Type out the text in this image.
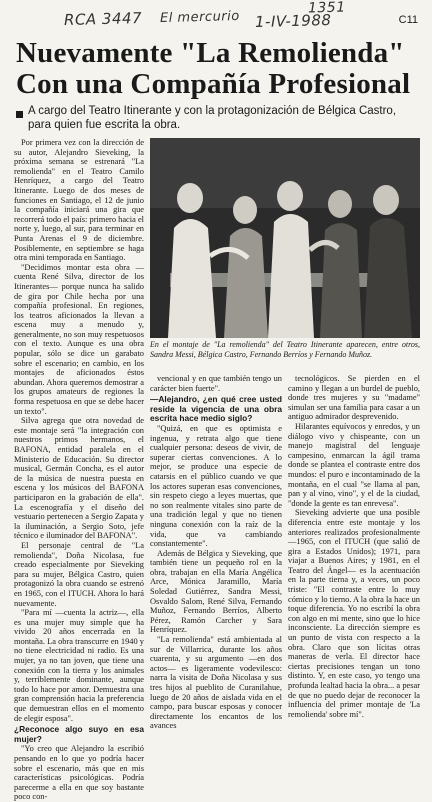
RCA 3447 El mercurio 1-IV-1988
1351
C11
Nuevamente "La Remolienda"
Con una Compañía Profesional

A cargo del Teatro Itinerante y con la protagonización de Bélgica Castro, para quien fue escrita la obra.

Por primera vez con la dirección de su autor, Alejandro Sieveking, la próxima semana se estrenará "La remolienda" en el Teatro Camilo Henríquez, a cargo del Teatro Itinerante. Luego de dos meses de funciones en Santiago, el 12 de junio la compañía iniciará una gira que recorrerá todo el país: primero hacia el norte y, luego, al sur, para terminar en Punta Arenas el 9 de diciembre. Posiblemente, en septiembre se haga otra mini temporada en Santiago.

"Decidimos montar esta obra —cuenta René Silva, director de los Itinerantes— porque nunca ha salido de gira por Chile hecha por una compañía profesional. En regiones, los teatros aficionados la llevan a escena muy a menudo y, generalmente, no son muy respetuosos con el texto. Aunque es una obra popular, sólo se dice un garabato sobre el escenario; en cambio, en los montajes de aficionados éstos abundan. Ahora queremos demostrar a los grupos amateurs de regiones la forma respetuosa en que se debe hacer un texto".

Silva agrega que otra novedad de este montaje será "la integración con nuestros primos hermanos, el BAFONA, entidad paralela en el Ministerio de Educación. Su director musical, Germán Concha, es el autor de la música de nuestra puesta en escena y los músicos del BAFONA participaron en la grabación de ella". La escenografía y el diseño del vestuario pertenecen a Sergio Zapata y la iluminación, a Sergio Soto, jefe técnico e iluminador del BAFONA".

El personaje central de "La remolienda", Doña Nicolasa, fue creado especialmente por Sieveking para su mujer, Bélgica Castro, quien protagonizó la obra cuando se estrenó en 1965, con el ITUCH. Ahora lo hará nuevamente.

"Para mí —cuenta la actriz—, ella es una mujer muy simple que ha vivido 20 años encerrada en la montaña. La obra transcurre en 1940 y no tiene electricidad ni radio. Es una mujer, ya no tan joven, que tiene una conexión con la tierra y los animales y, terriblemente dominante, aunque todo lo hace por amor. Demuestra una gran comprensión hacia la preferencia que demuestran ellos en el momento de elegir esposa".

¿Reconoce algo suyo en esa mujer?

"Yo creo que Alejandro la escribió pensando en lo que yo podría hacer sobre el escenario, más que en mis características psicológicas. Podría parecerme a ella en que soy bastante poco con-

En el montaje de "La remolienda" del Teatro Itinerante aparecen, entre otros, Sandra Messi, Bélgica Castro, Fernando Berríos y Fernando Muñoz.

vencional y en que también tengo un carácter bien fuerte".

—Alejandro, ¿en qué cree usted reside la vigencia de una obra escrita hace medio siglo?

"Quizá, en que es optimista e ingenua, y retrata algo que tiene cualquier persona: deseos de vivir, de superar ciertas convenciones. A lo mejor, se produce una especie de catarsis en el público cuando ve que los actores superan esas convenciones, sin respeto ciego a leyes muertas, que no son realmente vitales sino parte de una tradición legal y que no tienen ninguna conexión con la raíz de la vida, que va cambiando constantemente".

Además de Bélgica y Sieveking, que también tiene un pequeño rol en la obra, trabajan en ella María Angélica Arce, Mónica Jaramillo, María Soledad Gutiérrez, Sandra Messi, Osvaldo Salom, René Silva, Fernando Muñoz, Fernando Berríos, Alberto Pérez, Ramón Carcher y Sara Henríquez.

"La remolienda" está ambientada al sur de Villarrica, durante los años cuarenta, y su argumento —en dos actos— es ligeramente vodevilesco: narra la visita de Doña Nicolasa y sus tres hijos al pueblito de Curanilahue, luego de 20 años de aislada vida en el campo, para buscar esposas y conocer directamente los encantos de los avances

tecnológicos. Se pierden en el camino y llegan a un burdel de pueblo, donde tres mujeres y su "madame" simulan ser una familia para casar a un antiguo admirador desprevenido.

Hilarantes equívocos y enredos, y un diálogo vivo y chispeante, con un manejo magistral del lenguaje campesino, enmarcan la ágil trama donde se plantea el contraste entre dos mundos: el puro e incontaminado de la montaña, en el cual "se llama al pan, pan y al vino, vino", y el de la ciudad, "donde la gente es tan enrevesa".

Sieveking advierte que una posible diferencia entre este montaje y los anteriores realizados profesionalmente —1965, con el ITUCH (que salió de gira a Estados Unidos); 1971, para viajar a Buenos Aires; y 1981, en el Teatro del Ángel— es la acentuación en la parte tierna y, a veces, un poco triste: "El contraste entre lo muy cómico y lo tierno. A la obra la hace un toque diferencia. Yo no escribí la obra con algo en mi mente, sino que lo hice inconsciente. La dirección siempre es un punto de vista con respecto a la obra. Claro que son lícitas otras maneras de verla. El director hace ciertas precisiones tengan un tono distinto. Y, en este caso, yo tengo una profunda lealtad hacia la obra... a pesar de que no puedo dejar de reconocer la influencia del primer montaje de 'La remolienda' sobre mí".
